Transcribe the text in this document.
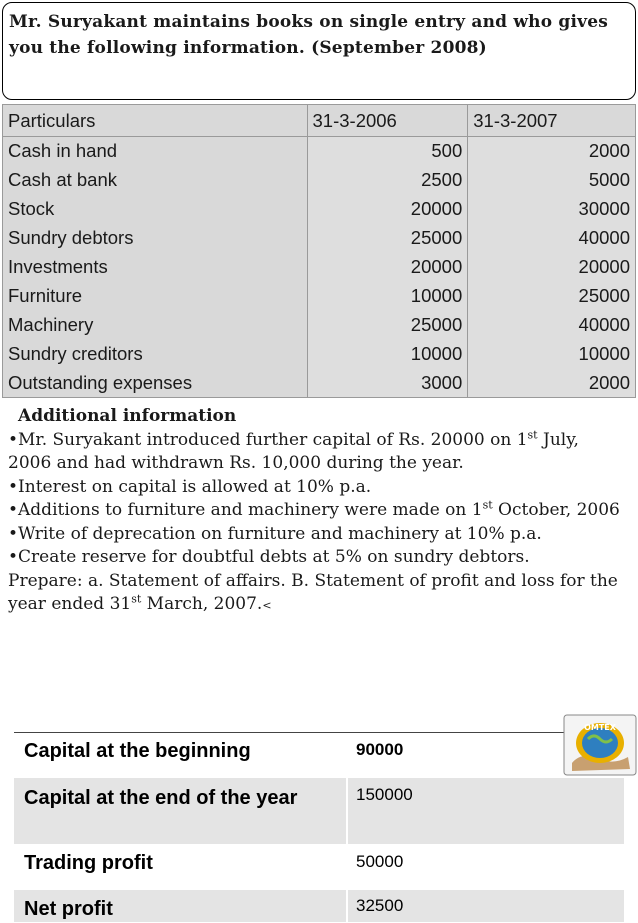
Mr. Suryakant maintains books on single entry and who gives you the following information. (September 2008)
Particulars	31-3-2006	31-3-2007
Cash in hand	500	2000
Cash at bank	2500	5000
Stock	20000	30000
Sundry debtors	25000	40000
Investments	20000	20000
Furniture	10000	25000
Machinery	25000	40000
Sundry creditors	10000	10000
Outstanding expenses	3000	2000

Additional information

•Mr. Suryakant introduced further capital of Rs. 20000 on 1st July, 2006 and had withdrawn Rs. 10,000 during the year.

•Interest on capital is allowed at 10% p.a.

•Additions to furniture and machinery were made on 1st October, 2006

•Write of deprecation on furniture and machinery at 10% p.a.

•Create reserve for doubtful debts at 5% on sundry debtors.

Prepare: a. Statement of affairs. B. Statement of profit and loss for the year ended 31st March, 2007.<

Capital at the beginning	90000
Capital at the end of the year	150000
Trading profit	50000
Net profit	32500
OMTEX
